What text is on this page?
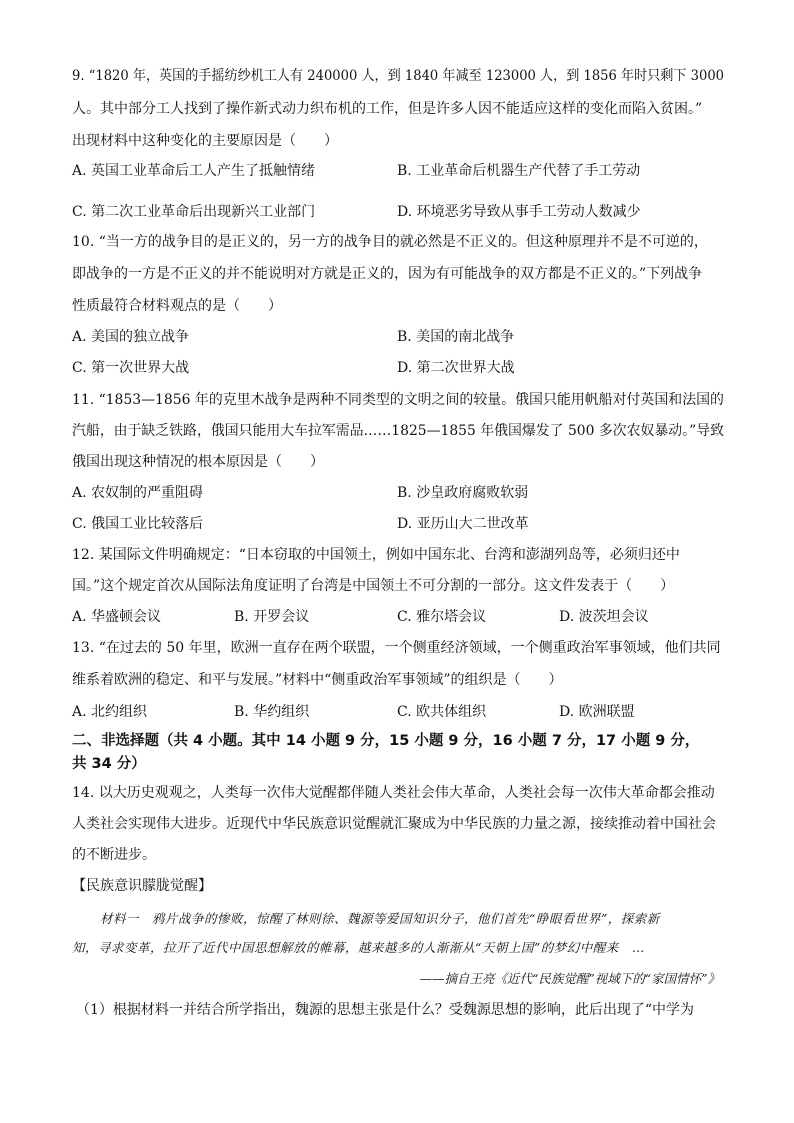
9. “1820 年，英国的手摇纺纱机工人有 240000 人，到 1840 年减至 123000 人，到 1856 年时只剩下 3000
人。其中部分工人找到了操作新式动力织布机的工作，但是许多人因不能适应这样的变化而陷入贫困。”
出现材料中这种变化的主要原因是（　　）
A. 英国工业革命后工人产生了抵触情绪	B. 工业革命后机器生产代替了手工劳动
C. 第二次工业革命后出现新兴工业部门	D. 环境恶劣导致从事手工劳动人数减少
10. “当一方的战争目的是正义的，另一方的战争目的就必然是不正义的。但这种原理并不是不可逆的，
即战争的一方是不正义的并不能说明对方就是正义的，因为有可能战争的双方都是不正义的。”下列战争
性质最符合材料观点的是（　　）
A. 美国的独立战争	B. 美国的南北战争
C. 第一次世界大战	D. 第二次世界大战
11. “1853—1856 年的克里木战争是两种不同类型的文明之间的较量。俄国只能用帆船对付英国和法国的
汽船，由于缺乏铁路，俄国只能用大车拉军需品……1825—1855 年俄国爆发了 500 多次农奴暴动。”导致
俄国出现这种情况的根本原因是（　　）
A. 农奴制的严重阻碍	B. 沙皇政府腐败软弱
C. 俄国工业比较落后	D. 亚历山大二世改革
12. 某国际文件明确规定：“日本窃取的中国领土，例如中国东北、台湾和澎湖列岛等，必须归还中
国。”这个规定首次从国际法角度证明了台湾是中国领土不可分割的一部分。这文件发表于（　　）
A. 华盛顿会议	B. 开罗会议	C. 雅尔塔会议	D. 波茨坦会议
13. “在过去的 50 年里，欧洲一直存在两个联盟，一个侧重经济领域，一个侧重政治军事领域，他们共同
维系着欧洲的稳定、和平与发展。”材料中“侧重政治军事领域”的组织是（　　）
A. 北约组织	B. 华约组织	C. 欧共体组织	D. 欧洲联盟
二、非选择题（共 4 小题。其中 14 小题 9 分，15 小题 9 分，16 小题 7 分，17 小题 9 分，
共 34 分）
14. 以大历史观观之，人类每一次伟大觉醒都伴随人类社会伟大革命，人类社会每一次伟大革命都会推动
人类社会实现伟大进步。近现代中华民族意识觉醒就汇聚成为中华民族的力量之源，接续推动着中国社会
的不断进步。
【民族意识朦胧觉醒】
材料一　鸦片战争的惨败，惊醒了林则徐、魏源等爱国知识分子，他们首先“睁眼看世界”，探索新
知，寻求变革，拉开了近代中国思想解放的帷幕，越来越多的人渐渐从“天朝上国”的梦幻中醒来　…
——摘自王亮《近代“民族觉醒”视域下的“家国情怀”》
（1）根据材料一并结合所学指出，魏源的思想主张是什么？受魏源思想的影响，此后出现了“中学为
